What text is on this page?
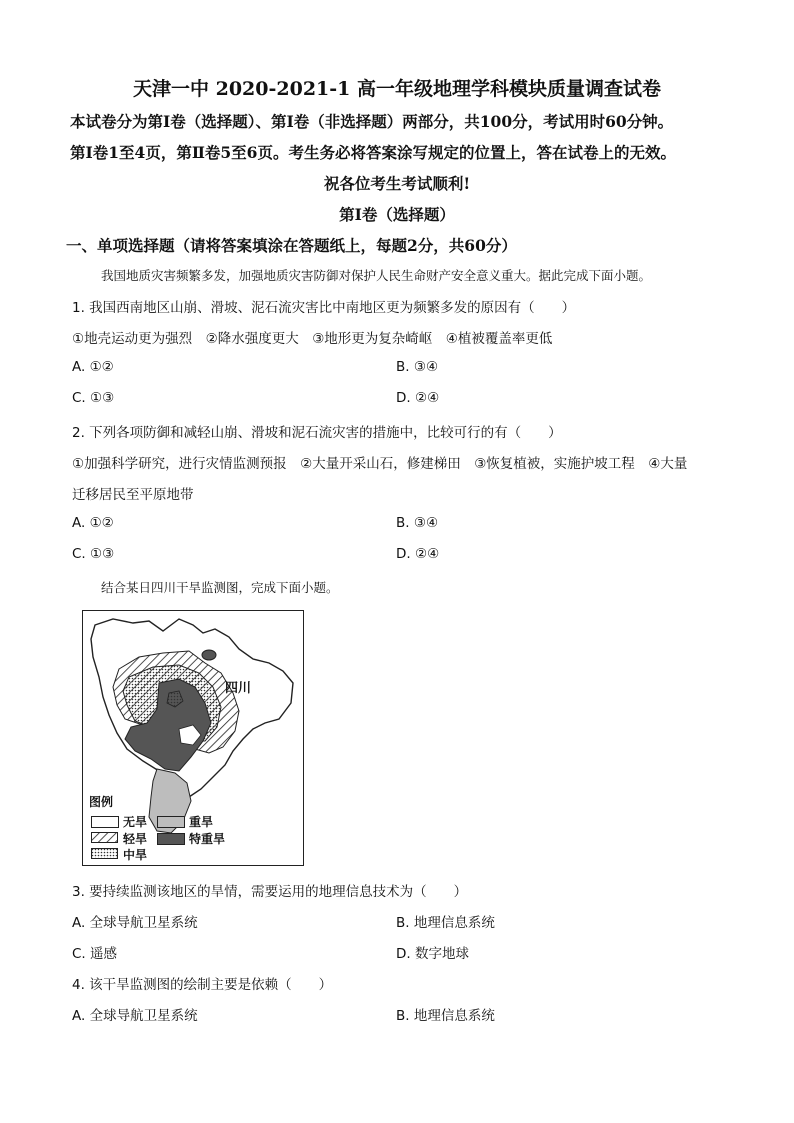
天津一中 2020-2021-1 高一年级地理学科模块质量调查试卷
本试卷分为第Ⅰ卷（选择题）、第Ⅰ卷（非选择题）两部分，共100分，考试用时60分钟。
第Ⅰ卷1至4页，第Ⅱ卷5至6页。考生务必将答案涂写规定的位置上，答在试卷上的无效。
祝各位考生考试顺利!
第Ⅰ卷（选择题）
一、单项选择题（请将答案填涂在答题纸上，每题2分，共60分）
我国地质灾害频繁多发，加强地质灾害防御对保护人民生命财产安全意义重大。据此完成下面小题。
1. 我国西南地区山崩、滑坡、泥石流灾害比中南地区更为频繁多发的原因有（　　）
①地壳运动更为强烈　②降水强度更大　③地形更为复杂崎岖　④植被覆盖率更低
A. ①②	B. ③④
C. ①③	D. ②④
2. 下列各项防御和减轻山崩、滑坡和泥石流灾害的措施中，比较可行的有（　　）
①加强科学研究，进行灾情监测预报　②大量开采山石，修建梯田　③恢复植被，实施护坡工程　④大量
迁移居民至平原地带
A. ①②	B. ③④
C. ①③	D. ②④
结合某日四川干旱监测图，完成下面小题。
四川
图例
无旱	重旱
轻旱	特重旱
中旱
3. 要持续监测该地区的旱情，需要运用的地理信息技术为（　　）
A. 全球导航卫星系统	B. 地理信息系统
C. 遥感	D. 数字地球
4. 该干旱监测图的绘制主要是依赖（　　）
A. 全球导航卫星系统	B. 地理信息系统
